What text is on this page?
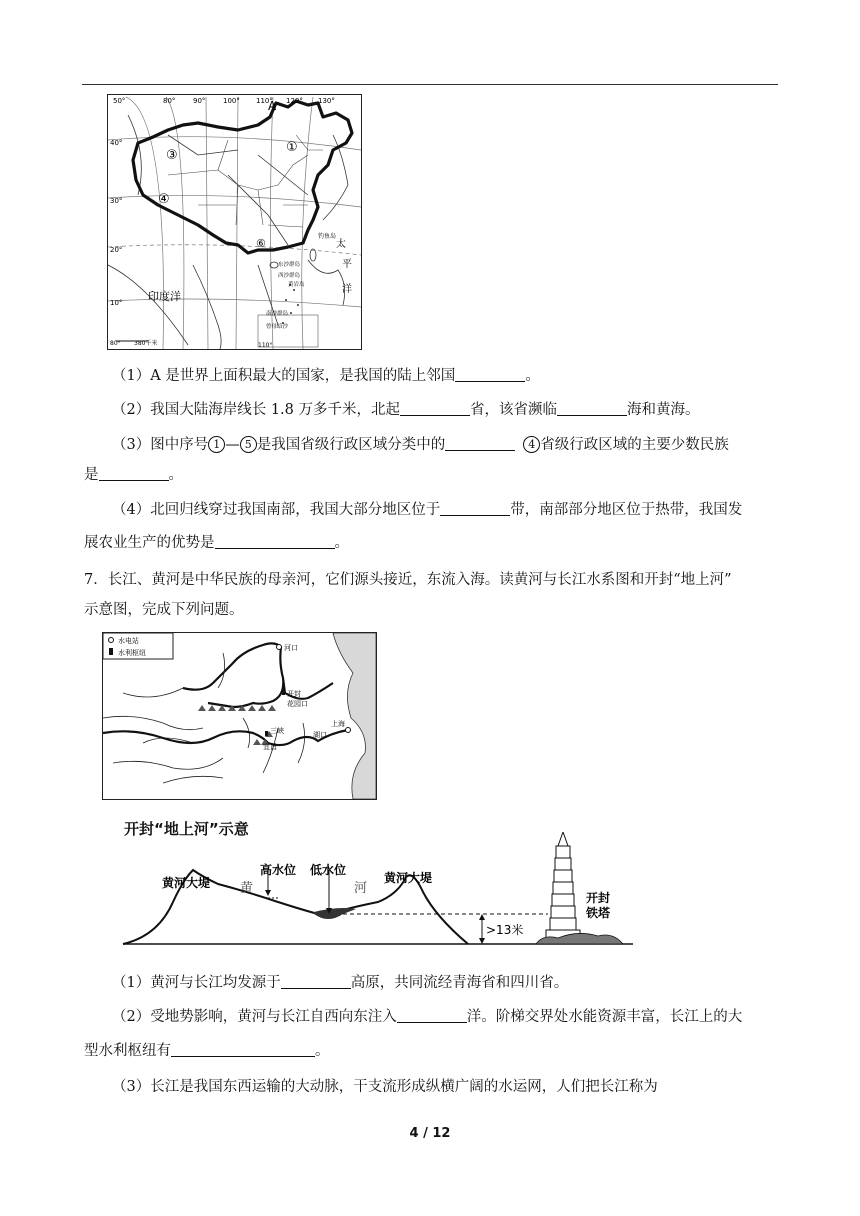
50°	80°	90°	100° 110° 120° 130°
40°
30°
20°
10°
A
①
③
④
⑥
印度洋
太
平
洋
钓鱼岛
东沙群岛
西沙群岛
黄岩岛
南沙群岛
曾母暗沙
380千米
80°	110°
（1）A 是世界上面积最大的国家，是我国的陆上邻国	。
（2）我国大陆海岸线长 1.8 万多千米，北起	省，该省濒临	海和黄海。
（3）图中序号 1 — 5 是我国省级行政区域分类中的	4 省级行政区域的主要少数民族
是	。
（4）北回归线穿过我国南部，我国大部分地区位于	带，南部部分地区位于热带，我国发
展农业生产的优势是	。
7．长江、黄河是中华民族的母亲河，它们源头接近，东流入海。读黄河与长江水系图和开封“地上河”
示意图，完成下列问题。
水电站
水利枢纽
河口
开封
花园口
三峡
宜昌
湖口
上海
开封“地上河”示意
黄河大堤
高水位 低水位
黄河大堤
黄	河
>13米
开封
铁塔
（1）黄河与长江均发源于	高原，共同流经青海省和四川省。
（2）受地势影响，黄河与长江自西向东注入	洋。阶梯交界处水能资源丰富，长江上的大
型水利枢纽有	。
（3）长江是我国东西运输的大动脉，干支流形成纵横广阔的水运网，人们把长江称为
4 / 12
